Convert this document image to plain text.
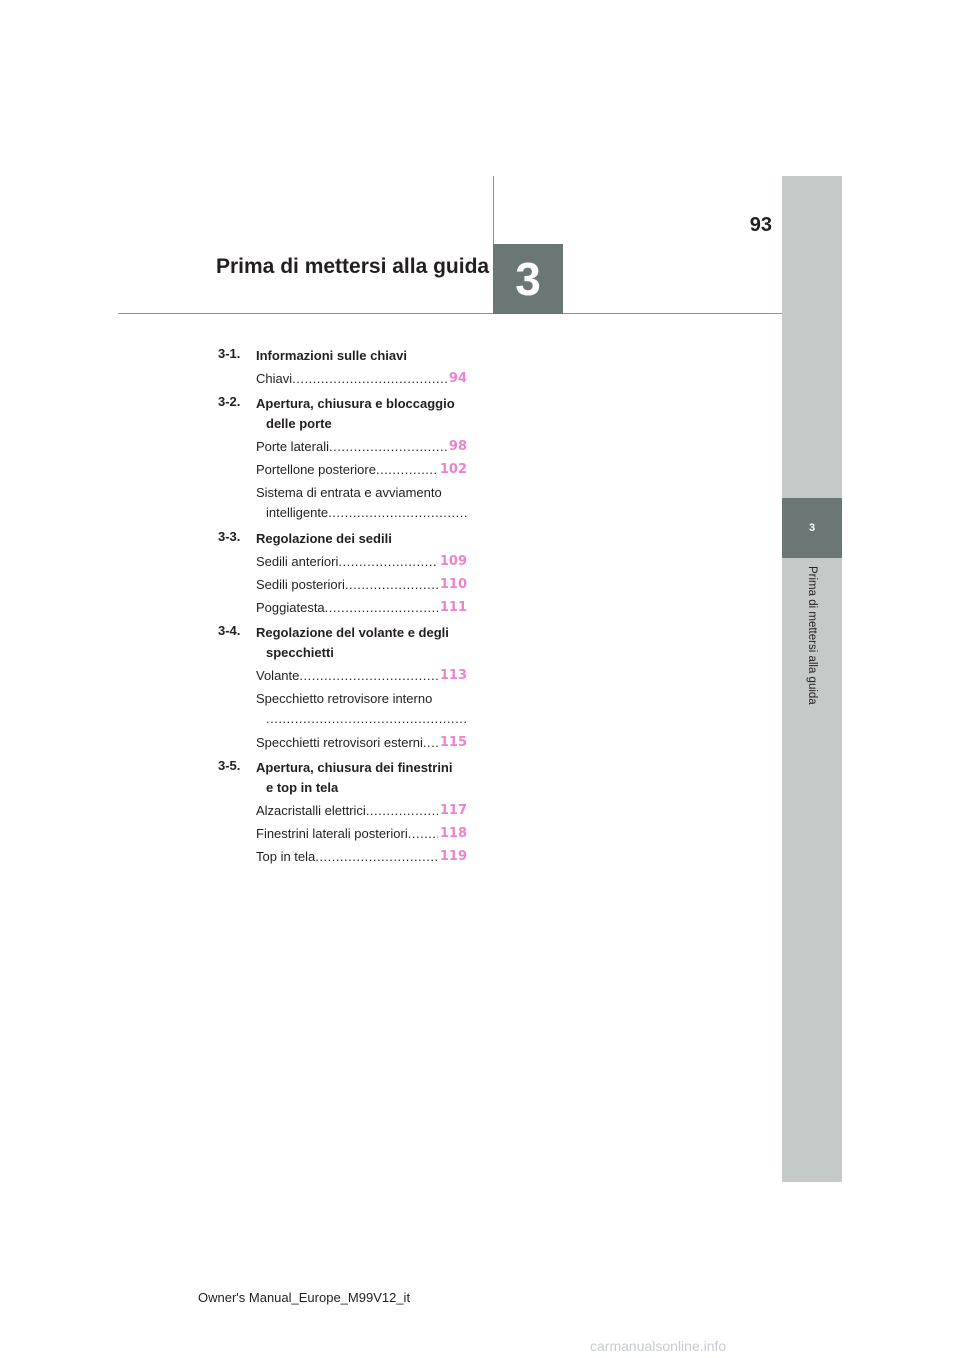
3
Prima di mettersi alla guida
3
93
Prima di mettersi alla guida
3-1.	Informazioni sulle chiavi
Chiavi .....	94
3-2.	Apertura, chiusura e bloccaggio
delle porte
Porte laterali .....	98
Portellone posteriore .....	102
Sistema di entrata e avviamento
intelligente .....
3-3.	Regolazione dei sedili
Sedili anteriori .....	109
Sedili posteriori .....	110
Poggiatesta .....	111
3-4.	Regolazione del volante e degli
specchietti
Volante .....	113
Specchietto retrovisore interno
.....
Specchietti retrovisori esterni ..... 115
3-5.	Apertura, chiusura dei finestrini
e top in tela
Alzacristalli elettrici .....	117
Finestrini laterali posteriori ..... 118
Top in tela .....	119
Owner's Manual_Europe_M99V12_it
carmanualsonline.info
